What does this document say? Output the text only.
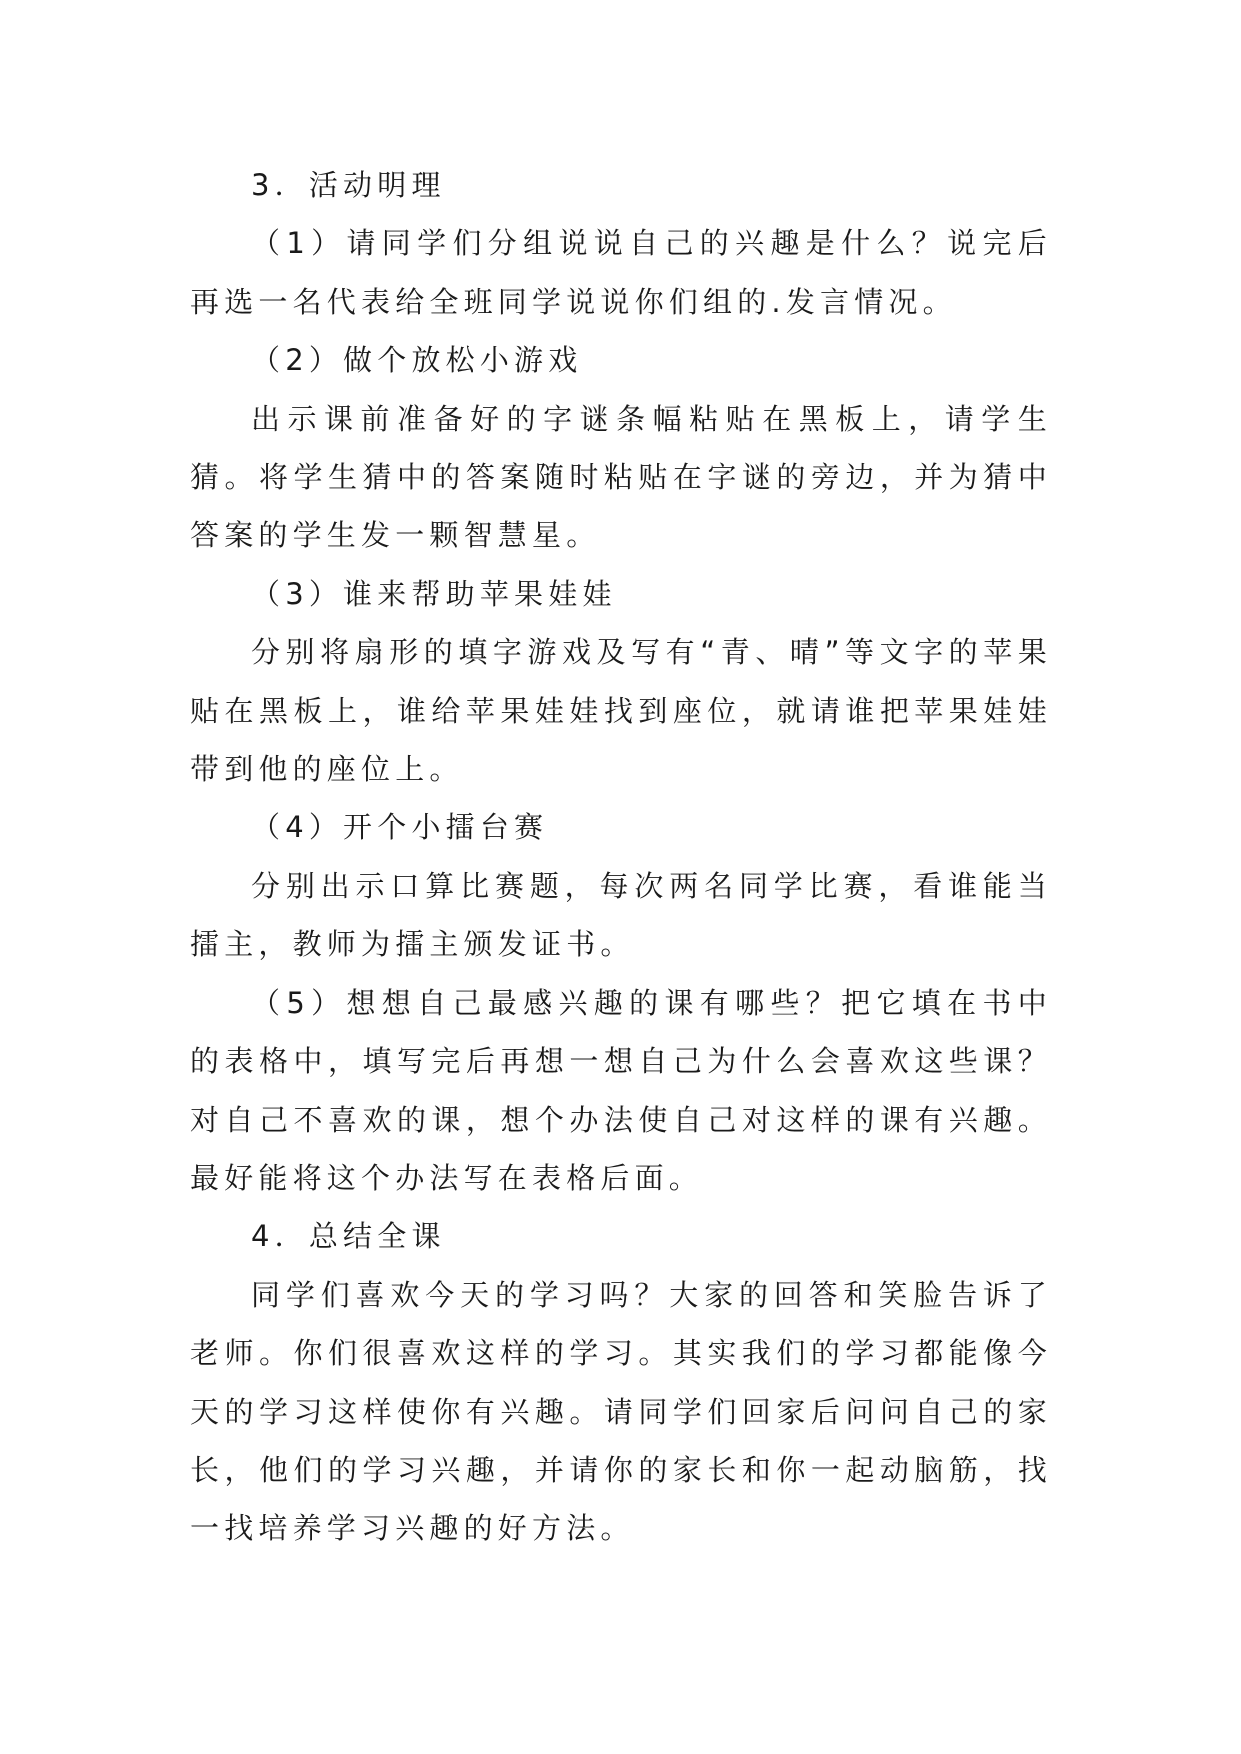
3．活动明理

（1）请同学们分组说说自己的兴趣是什么？说完后再选一名代表给全班同学说说你们组的.发言情况。

（2）做个放松小游戏

出示课前准备好的字谜条幅粘贴在黑板上，请学生猜。将学生猜中的答案随时粘贴在字谜的旁边，并为猜中答案的学生发一颗智慧星。

（3）谁来帮助苹果娃娃

分别将扇形的填字游戏及写有“青、晴”等文字的苹果贴在黑板上，谁给苹果娃娃找到座位，就请谁把苹果娃娃带到他的座位上。

（4）开个小擂台赛

分别出示口算比赛题，每次两名同学比赛，看谁能当擂主，教师为擂主颁发证书。

（5）想想自己最感兴趣的课有哪些？把它填在书中的表格中，填写完后再想一想自己为什么会喜欢这些课？对自己不喜欢的课，想个办法使自己对这样的课有兴趣。最好能将这个办法写在表格后面。

4．总结全课

同学们喜欢今天的学习吗？大家的回答和笑脸告诉了老师。你们很喜欢这样的学习。其实我们的学习都能像今天的学习这样使你有兴趣。请同学们回家后问问自己的家长，他们的学习兴趣，并请你的家长和你一起动脑筋，找一找培养学习兴趣的好方法。
